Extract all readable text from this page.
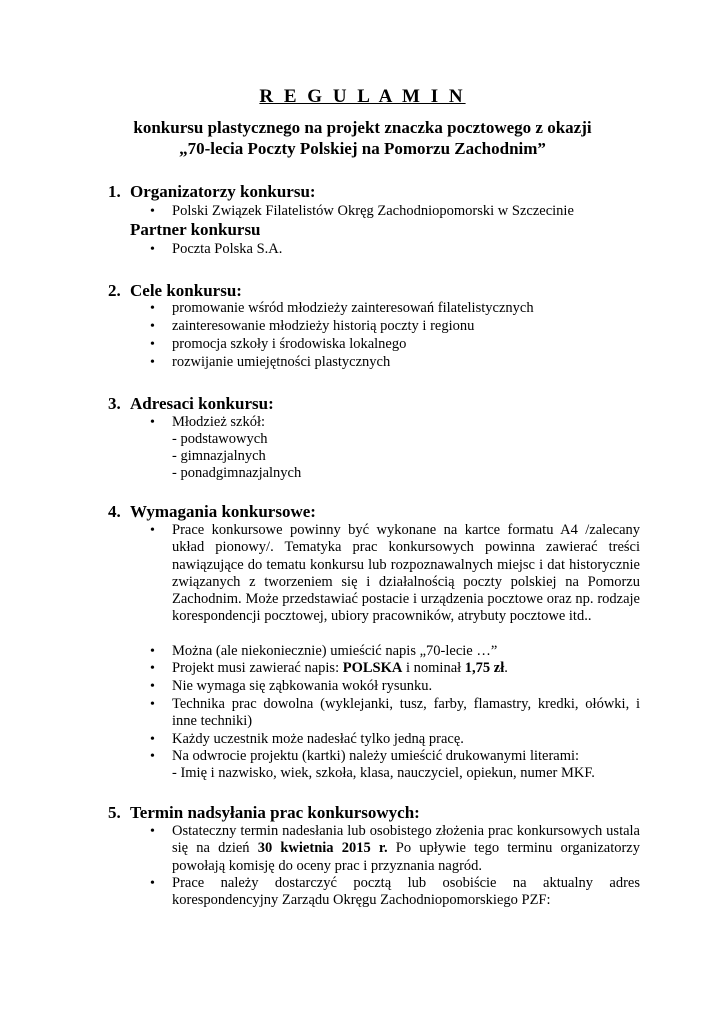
R E G U L A M I N
konkursu plastycznego na projekt znaczka pocztowego z okazji
„70-lecia Poczty Polskiej na Pomorzu Zachodnim”
1. Organizatorzy konkursu:
• Polski Związek Filatelistów Okręg Zachodniopomorski w Szczecinie
Partner konkursu
• Poczta Polska S.A.
2. Cele konkursu:
• promowanie wśród młodzieży zainteresowań filatelistycznych
• zainteresowanie młodzieży historią poczty i regionu
• promocja szkoły i środowiska lokalnego
• rozwijanie umiejętności plastycznych
3. Adresaci konkursu:
• Młodzież szkół:
- podstawowych
- gimnazjalnych
- ponadgimnazjalnych
4. Wymagania konkursowe:
• Prace konkursowe powinny być wykonane na kartce formatu A4 /zalecany układ pionowy/. Tematyka prac konkursowych powinna zawierać treści nawiązujące do tematu konkursu lub rozpoznawalnych miejsc i dat historycznie związanych z tworzeniem się i działalnością poczty polskiej na Pomorzu Zachodnim. Może przedstawiać postacie i urządzenia pocztowe oraz np. rodzaje korespondencji pocztowej, ubiory pracowników, atrybuty pocztowe itd..
• Można (ale niekoniecznie) umieścić napis „70-lecie …”
• Projekt musi zawierać napis: POLSKA i nominał 1,75 zł.
• Nie wymaga się ząbkowania wokół rysunku.
• Technika prac dowolna (wyklejanki, tusz, farby, flamastry, kredki, ołówki, i inne techniki)
• Każdy uczestnik może nadesłać tylko jedną pracę.
• Na odwrocie projektu (kartki) należy umieścić drukowanymi literami:
- Imię i nazwisko, wiek, szkoła, klasa, nauczyciel, opiekun, numer MKF.
5. Termin nadsyłania prac konkursowych:
• Ostateczny termin nadesłania lub osobistego złożenia prac konkursowych ustala się na dzień 30 kwietnia 2015 r. Po upływie tego terminu organizatorzy powołają komisję do oceny prac i przyznania nagród.
• Prace należy dostarczyć pocztą lub osobiście na aktualny adres korespondencyjny Zarządu Okręgu Zachodniopomorskiego PZF:
